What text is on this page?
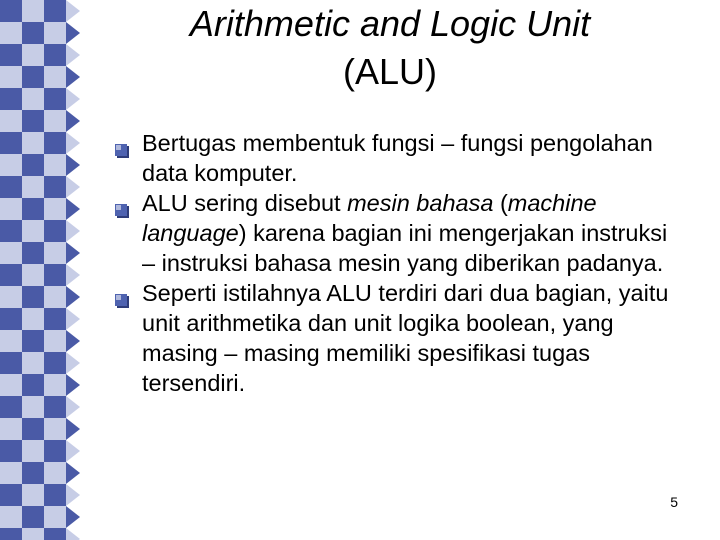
Arithmetic and Logic Unit
(ALU)
Bertugas membentuk fungsi – fungsi pengolahan data komputer.
ALU sering disebut mesin bahasa (machine language) karena bagian ini mengerjakan instruksi – instruksi bahasa mesin yang diberikan padanya.
Seperti istilahnya ALU terdiri dari dua bagian, yaitu unit arithmetika dan unit logika boolean, yang masing – masing memiliki spesifikasi tugas tersendiri.
5
